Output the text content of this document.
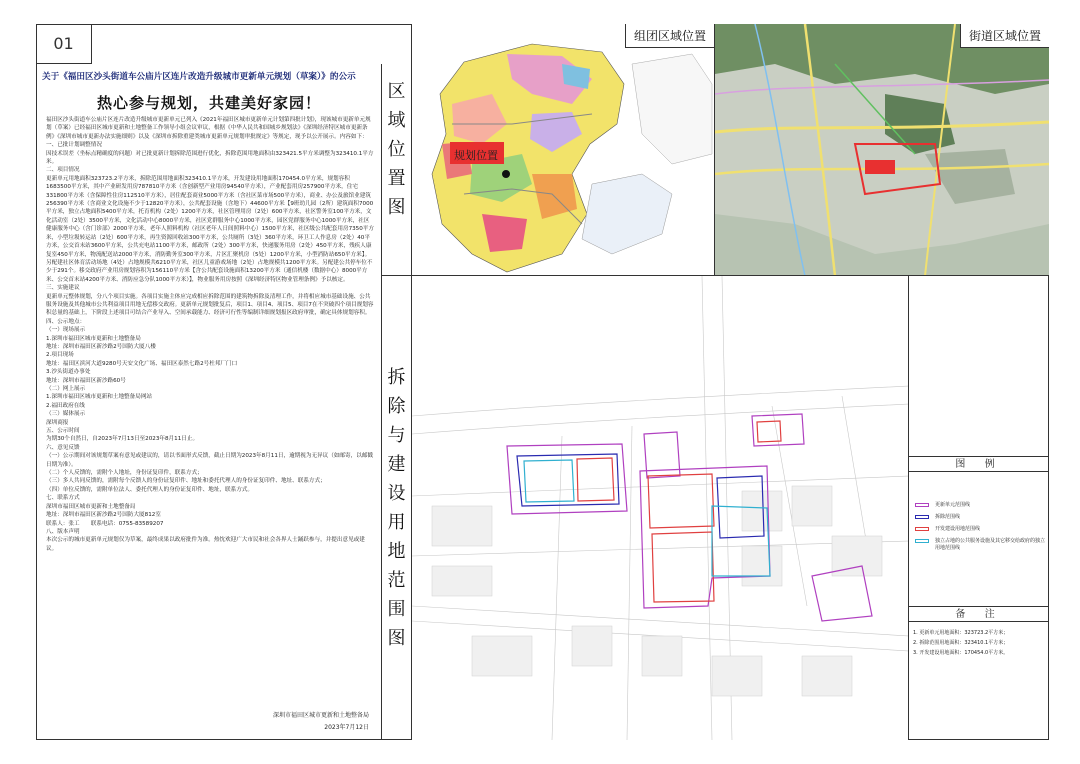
01
关于《福田区沙头街道车公庙片区连片改造升级城市更新单元规划（草案）》的公示
热心参与规划，共建美好家园！

福田区沙头街道车公庙片区连片改造升级城市更新单元已列入《2021年福田区城市更新单元计划第四批计划》，现该城市更新单元规划（草案）已经福田区城市更新和土地整备工作领导小组会议审议，根据《中华人民共和国城乡规划法》《深圳经济特区城市更新条例》《深圳市城市更新办法实施细则》以及《深圳市拆除重建类城市更新单元规划审批规定》等规定，现予以公开展示。内容如下：

一、已批计划调整情况

因技术误差（坐标点精确度的问题）对已批更新计划拆除范围进行优化，拆除范围用地面积由323421.5平方米调整为323410.1平方米。

二、项目情况

更新单元用地面积323723.2平方米，拆除范围用地面积323410.1平方米，开发建设用地面积170454.0平方米，规划容积1683500平方米，其中产业研发用房787810平方米（含创新型产业用房94540平方米），产业配套用房257900平方米，住宅331800平方米（含保障性住房112510平方米），居住配套商业5000平方米（含社区菜市场500平方米），商业、办公及旅馆业建筑256390平方米（含商业文化设施不少于12820平方米），公共配套设施（含地下）44600平方米【9班幼儿园（2所）建筑面积7000平方米，独立占地面积5400平方米，托育机构（2处）1200平方米，社区管理用房（2处）600平方米，社区警务室100平方米，文化活动室（2处）3500平方米，文化活动中心8000平方米，社区党群服务中心1000平方米，园区党群服务中心1000平方米，社区健康服务中心（含门诊部）2000平方米，老年人照料机构（社区老年人日间照料中心）1500平方米，社区级公共配套用房7350平方米，小型垃圾转运站（2处）600平方米，再生资源回收站300平方米，公共厕所（3处）360平方米，环卫工人作息房（2处）40平方米，公交首末站3600平方米，公共充电站1100平方米，邮政所（2处）300平方米，快递服务用房（2处）450平方米，残疾人康复室450平方米，物流配送站2000平方米，消防勤务室300平方米，片区汇聚机房（5处）1200平方米，小型消防站650平方米】。另配建社区体育活动场地（4处）占地规模共6210平方米，社区儿童游戏场地（2处）占地规模共1200平方米。另配建公共停车位不少于291个。移交政府产业用房规划容积为156110平方米【含公共配套设施面积13200平方米（通信机楼（数据中心）8000平方米、公交首末站4200平方米、消防应急分队1000平方米）】，物业服务用房按照《深圳经济特区物业管理条例》予以核定。

三、实施建议

更新单元整体规划，分八个项目实施。各项目实施主体应完成相应拆除范围的建筑物拆除及清理工作，并将相应城市基础设施、公共服务设施及其他城市公共利益项目用地无偿移交政府。更新单元规划批复后，项目1、项目4、项目5、项目7在不突破四个项目规划容积总量的基础上，下阶段上述项目可结合产业导入、空间承载能力、经济可行性等编制详细规划报区政府审批，确定具体规划容积。

四、公示地点：

（一）现场展示

1.深圳市福田区城市更新和土地整备局

地址：深圳市福田区新沙路2号国防大厦八楼

2.项目现场

地址：福田区滨河大道9280号天安文化广场、福田区泰然七路2号杜邦厂门口

3.沙头街道办事处

地址：深圳市福田区新沙路60号

（二）网上展示

1.深圳市福田区城市更新和土地整备局网站

2.福田政府在线

（三）媒体展示

深圳商报

五、公示时间

为期30个自然日，自2023年7月13日至2023年8月11日止。

六、意见反馈

（一）公示期间对该规划草案有意见或建议的，请以书面形式反馈，截止日期为2023年8月11日，逾期视为无异议（如邮寄，以邮戳日期为准）。

（二）个人反馈的，需附个人地址，身份证复印件，联系方式；

（三）多人共同反馈的，需附每个反馈人的身份证复印件、地址和委托代理人的身份证复印件、地址、联系方式；

（四）单位反馈的，需附单位法人、委托代理人的身份证复印件、地址，联系方式。

七、联系方式

深圳市福田区城市更新和土地整备局

地址：深圳市福田区新沙路2号国防大厦812室

联系人：张工　　联系电话：0755-83589207

八、版本声明

本次公示的城市更新单元规划仅为草案，最终成果以政府批件为准。热忱欢迎广大市民和社会各界人士踊跃参与，并提出意见或建议。

深圳市福田区城市更新和土地整备局
2023年7月12日
区
域
位
置
图
拆
除
与
建
设
用
地
范
围
图
规划位置
组团区域位置	街道区域位置
图 例
更新单元范围线
拆除范围线
开发建设用地范围线
独立占地的公共服务设施及其它移交给政府的独立用地范围线
备 注
1. 更新单元用地面积：323723.2平方米；
2. 拆除范围用地面积：323410.1平方米；
3. 开发建设用地面积：170454.0平方米。
